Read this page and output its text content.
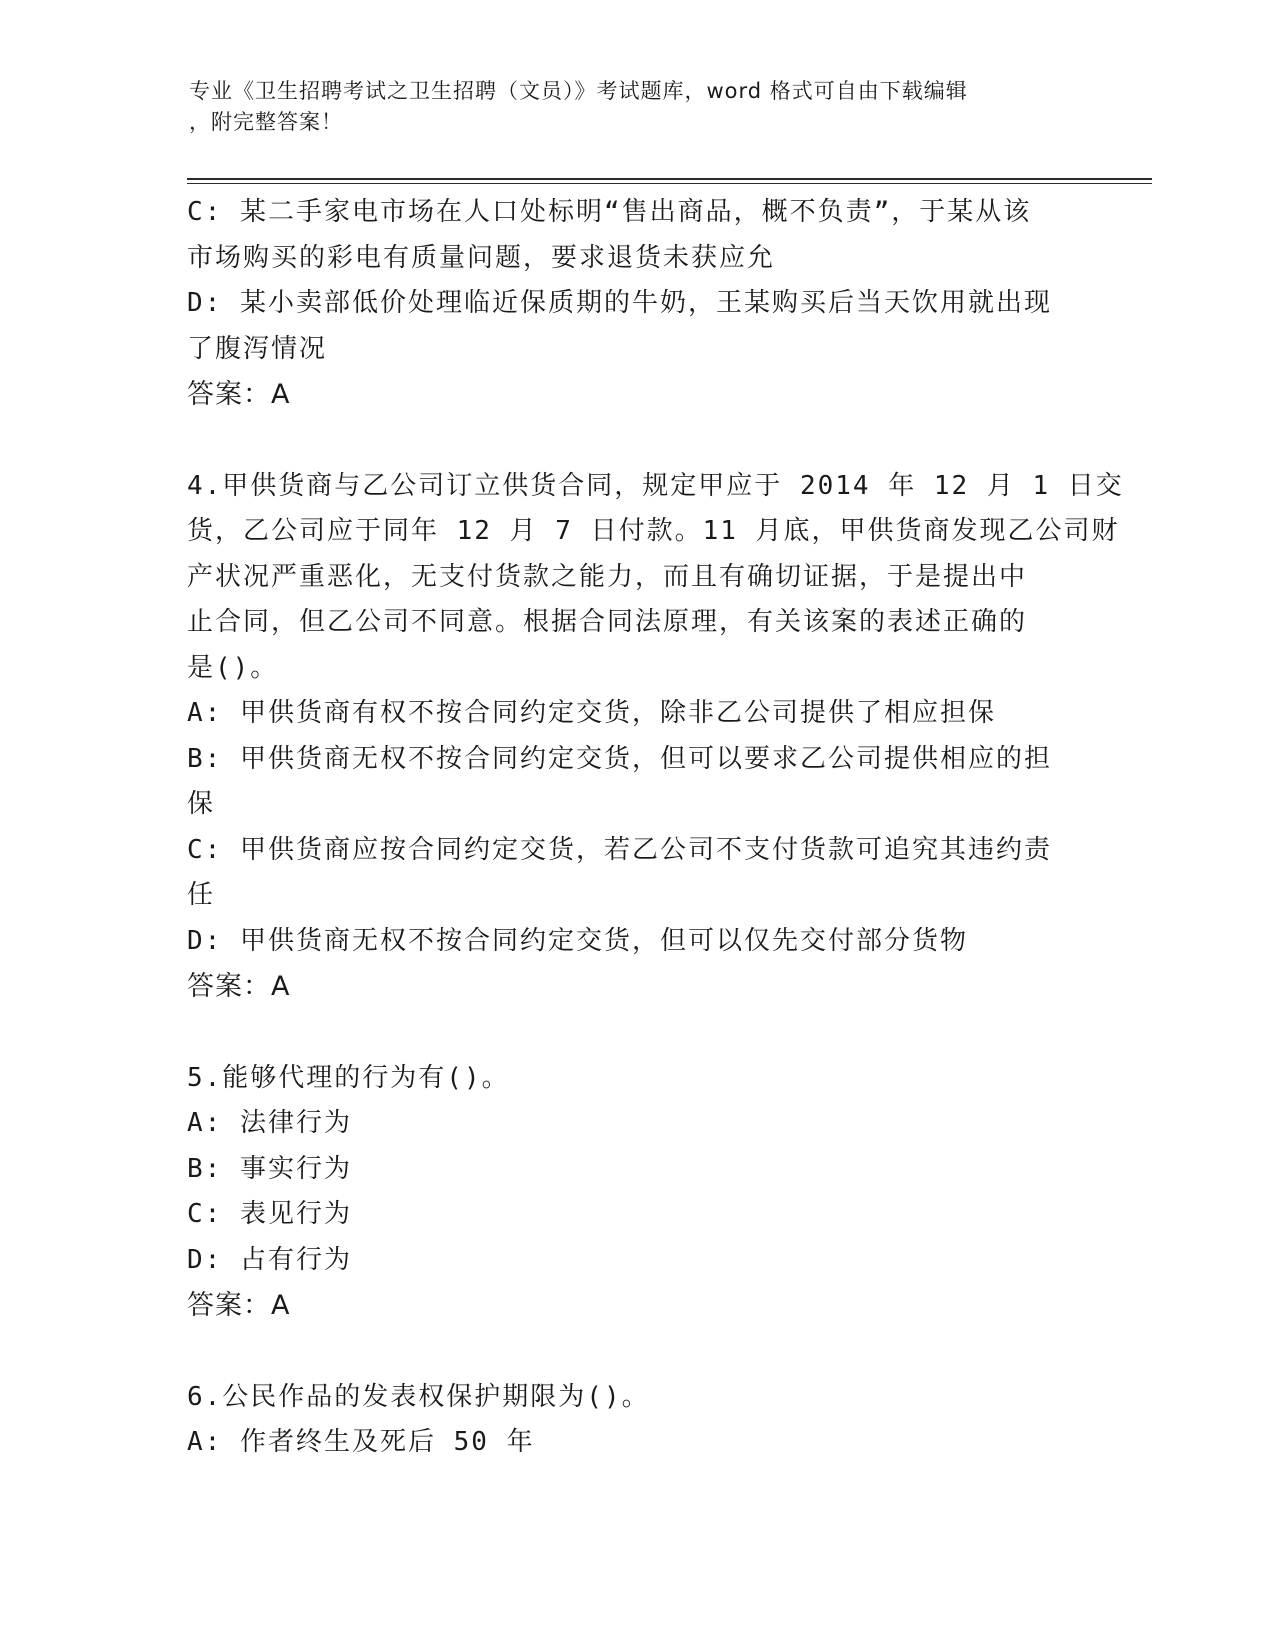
专业《卫生招聘考试之卫生招聘（文员）》考试题库，word 格式可自由下载编辑
，附完整答案！
C: 某二手家电市场在人口处标明“售出商品，概不负责”，于某从该
市场购买的彩电有质量问题，要求退货未获应允
D: 某小卖部低价处理临近保质期的牛奶，王某购买后当天饮用就出现
了腹泻情况
答案：A
4.甲供货商与乙公司订立供货合同，规定甲应于 2014 年 12 月 1 日交
货，乙公司应于同年 12 月 7 日付款。11 月底，甲供货商发现乙公司财
产状况严重恶化，无支付货款之能力，而且有确切证据，于是提出中
止合同，但乙公司不同意。根据合同法原理，有关该案的表述正确的
是()。
A: 甲供货商有权不按合同约定交货，除非乙公司提供了相应担保
B: 甲供货商无权不按合同约定交货，但可以要求乙公司提供相应的担
保
C: 甲供货商应按合同约定交货，若乙公司不支付货款可追究其违约责
任
D: 甲供货商无权不按合同约定交货，但可以仅先交付部分货物
答案：A
5.能够代理的行为有()。
A: 法律行为
B: 事实行为
C: 表见行为
D: 占有行为
答案：A
6.公民作品的发表权保护期限为()。
A: 作者终生及死后 50 年
